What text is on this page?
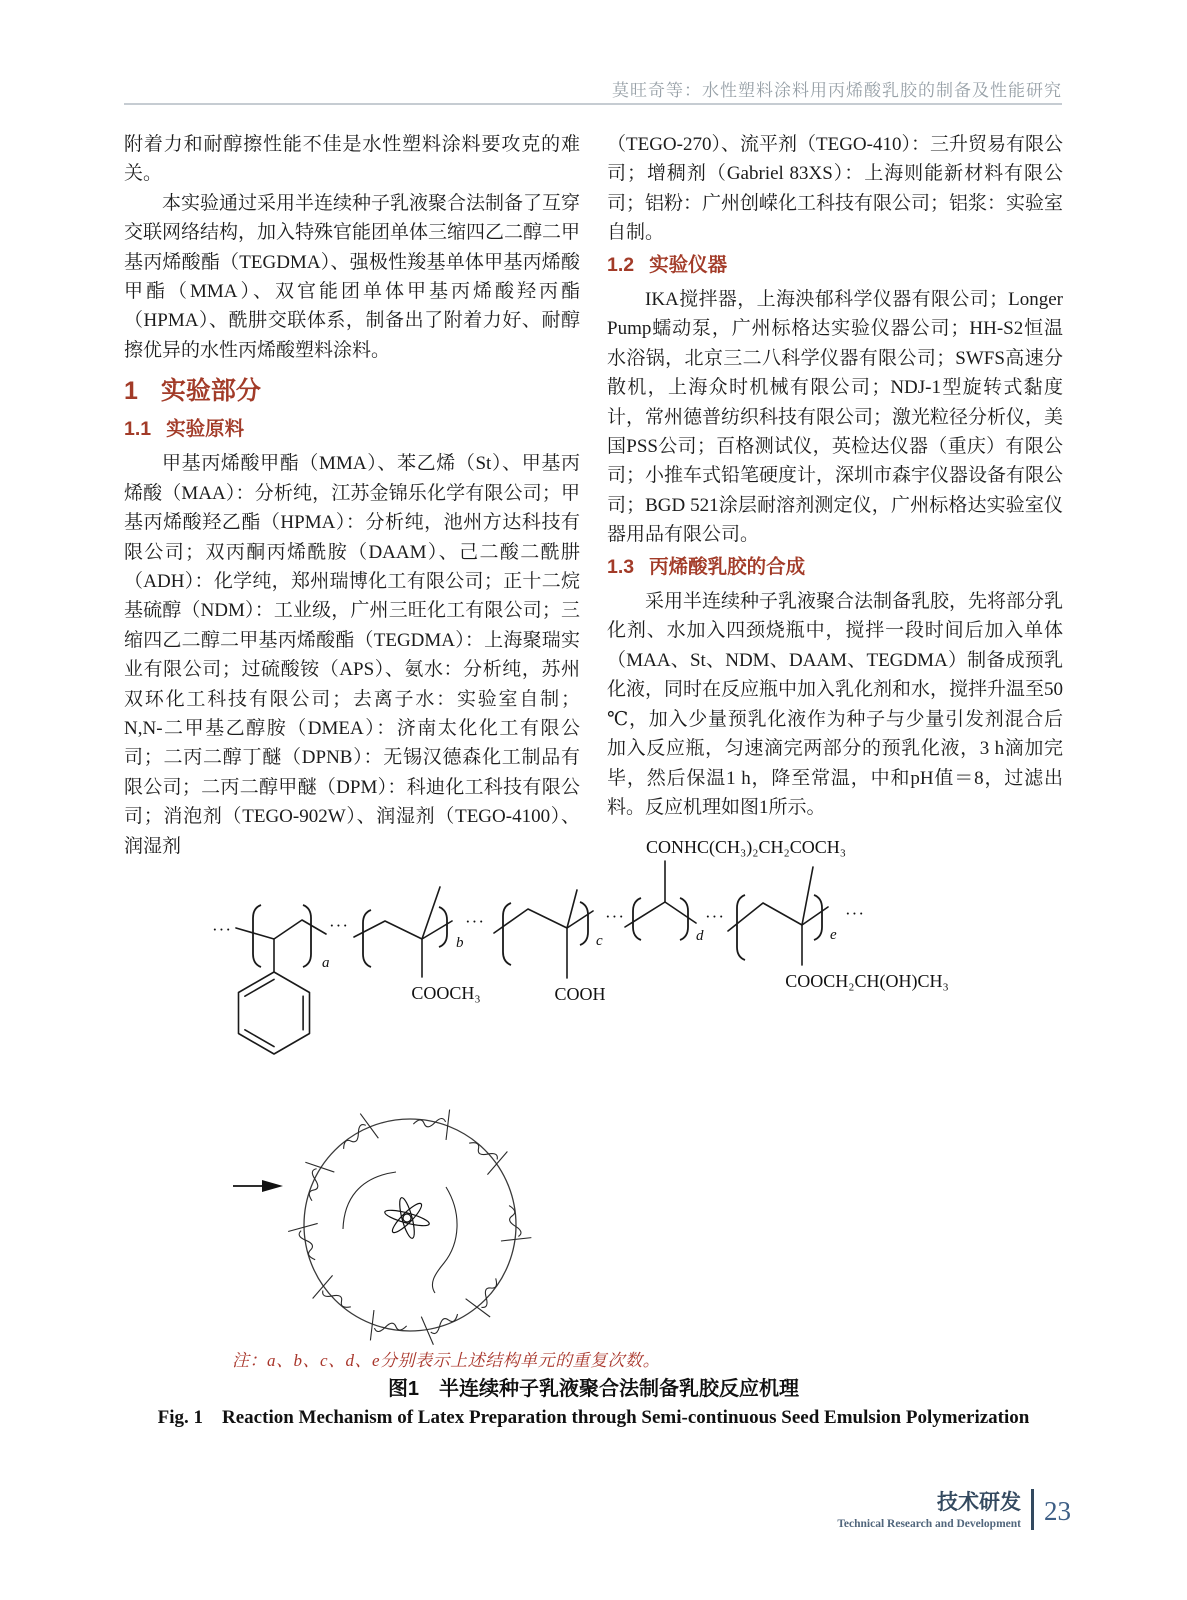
莫旺奇等：水性塑料涂料用丙烯酸乳胶的制备及性能研究

附着力和耐醇擦性能不佳是水性塑料涂料要攻克的难关。

本实验通过采用半连续种子乳液聚合法制备了互穿交联网络结构，加入特殊官能团单体三缩四乙二醇二甲基丙烯酸酯（TEGDMA）、强极性羧基单体甲基丙烯酸甲酯（MMA）、双官能团单体甲基丙烯酸羟丙酯（HPMA）、酰肼交联体系，制备出了附着力好、耐醇擦优异的水性丙烯酸塑料涂料。

1 实验部分
1.1 实验原料

甲基丙烯酸甲酯（MMA）、苯乙烯（St）、甲基丙烯酸（MAA）：分析纯，江苏金锦乐化学有限公司；甲基丙烯酸羟乙酯（HPMA）：分析纯，池州方达科技有限公司；双丙酮丙烯酰胺（DAAM）、己二酸二酰肼（ADH）：化学纯，郑州瑞博化工有限公司；正十二烷基硫醇（NDM）：工业级，广州三旺化工有限公司；三缩四乙二醇二甲基丙烯酸酯（TEGDMA）：上海聚瑞实业有限公司；过硫酸铵（APS）、氨水：分析纯，苏州双环化工科技有限公司；去离子水：实验室自制；N,N-二甲基乙醇胺（DMEA）：济南太化化工有限公司；二丙二醇丁醚（DPNB）：无锡汉德森化工制品有限公司；二丙二醇甲醚（DPM）：科迪化工科技有限公司；消泡剂（TEGO-902W）、润湿剂（TEGO-4100）、润湿剂

（TEGO-270）、流平剂（TEGO-410）：三升贸易有限公司；增稠剂（Gabriel 83XS）：上海则能新材料有限公司；铝粉：广州创嵘化工科技有限公司；铝浆：实验室自制。

1.2 实验仪器

IKA搅拌器，上海泱郁科学仪器有限公司；Longer Pump蠕动泵，广州标格达实验仪器公司；HH-S2恒温水浴锅，北京三二八科学仪器有限公司；SWFS高速分散机，上海众时机械有限公司；NDJ-1型旋转式黏度计，常州德普纺织科技有限公司；激光粒径分析仪，美国PSS公司；百格测试仪，英检达仪器（重庆）有限公司；小推车式铅笔硬度计，深圳市森宇仪器设备有限公司；BGD 521涂层耐溶剂测定仪，广州标格达实验室仪器用品有限公司。

1.3 丙烯酸乳胶的合成

采用半连续种子乳液聚合法制备乳胶，先将部分乳化剂、水加入四颈烧瓶中，搅拌一段时间后加入单体（MAA、St、NDM、DAAM、TEGDMA）制备成预乳化液，同时在反应瓶中加入乳化剂和水，搅拌升温至50 ℃，加入少量预乳化液作为种子与少量引发剂混合后加入反应瓶，匀速滴完两部分的预乳化液，3 h滴加完毕，然后保温1 h，降至常温，中和pH值＝8，过滤出料。反应机理如图1所示。

···
a
···
b
COOCH₃
···
c
COOH
···
d
CONHC(CH₃)₂CH₂COCH₃
···
e
COOCH₂CH(OH)CH₃
···
注：a、b、c、d、e分别表示上述结构单元的重复次数。
图1　半连续种子乳液聚合法制备乳胶反应机理
Fig. 1　Reaction Mechanism of Latex Preparation through Semi-continuous Seed Emulsion Polymerization
技术研发
Technical Research and Development 23
